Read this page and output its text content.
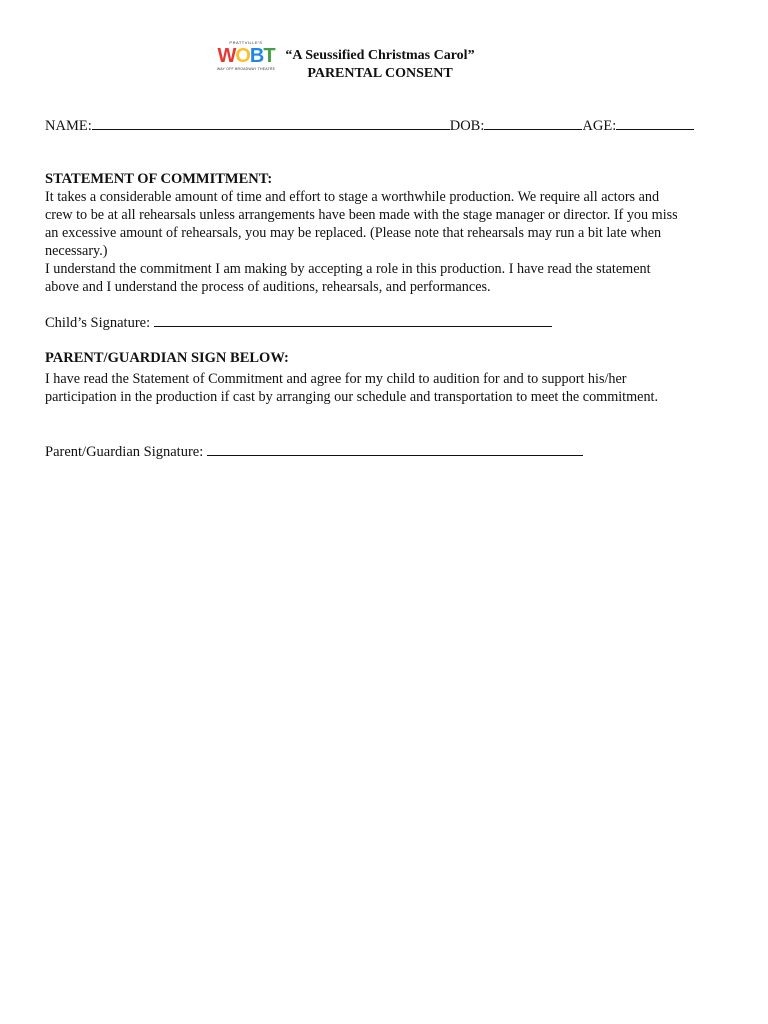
PRATTVILLE'S
WOBT
WAY OFF BROADWAY THEATRE
“A Seussified Christmas Carol”
PARENTAL CONSENT
NAME:	DOB:	AGE:
STATEMENT OF COMMITMENT:
It takes a considerable amount of time and effort to stage a worthwhile production. We require all actors and
crew to be at all rehearsals unless arrangements have been made with the stage manager or director. If you miss
an excessive amount of rehearsals, you may be replaced. (Please note that rehearsals may run a bit late when
necessary.)
I understand the commitment I am making by accepting a role in this production. I have read the statement
above and I understand the process of auditions, rehearsals, and performances.
Child’s Signature:
PARENT/GUARDIAN SIGN BELOW:
I have read the Statement of Commitment and agree for my child to audition for and to support his/her
participation in the production if cast by arranging our schedule and transportation to meet the commitment.
Parent/Guardian Signature:
